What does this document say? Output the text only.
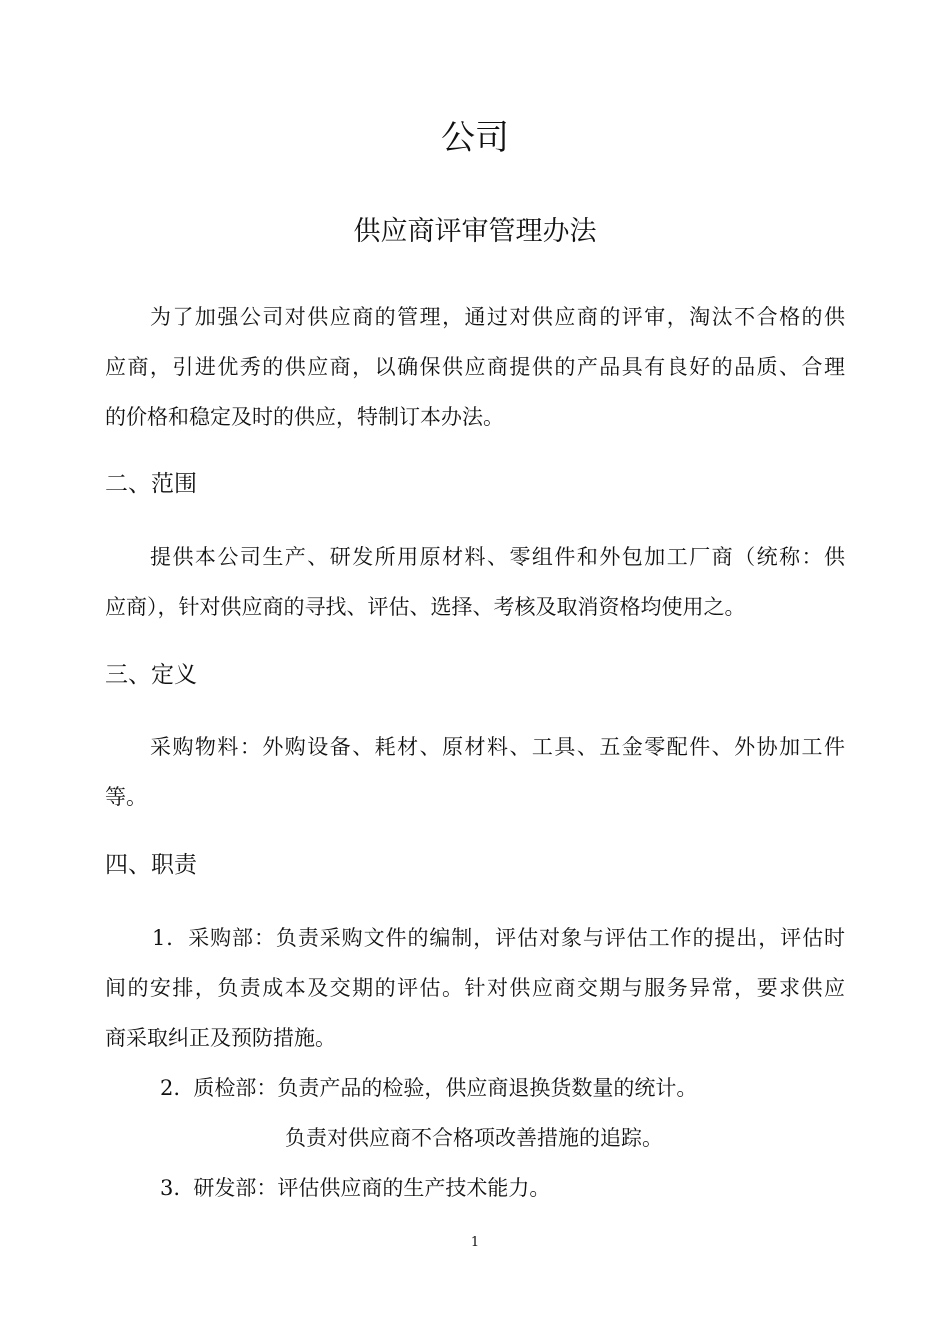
公司
供应商评审管理办法
为了加强公司对供应商的管理，通过对供应商的评审，淘汰不合格的供
应商，引进优秀的供应商，以确保供应商提供的产品具有良好的品质、合理
的价格和稳定及时的供应，特制订本办法。
二、范围
提供本公司生产、研发所用原材料、零组件和外包加工厂商（统称：供
应商），针对供应商的寻找、评估、选择、考核及取消资格均使用之。
三、定义
采购物料：外购设备、耗材、原材料、工具、五金零配件、外协加工件
等。
四、职责
1．采购部：负责采购文件的编制，评估对象与评估工作的提出，评估时
间的安排，负责成本及交期的评估。针对供应商交期与服务异常，要求供应
商采取纠正及预防措施。
2.  质检部：负责产品的检验，供应商退换货数量的统计。
负责对供应商不合格项改善措施的追踪。
3.  研发部：评估供应商的生产技术能力。
1
